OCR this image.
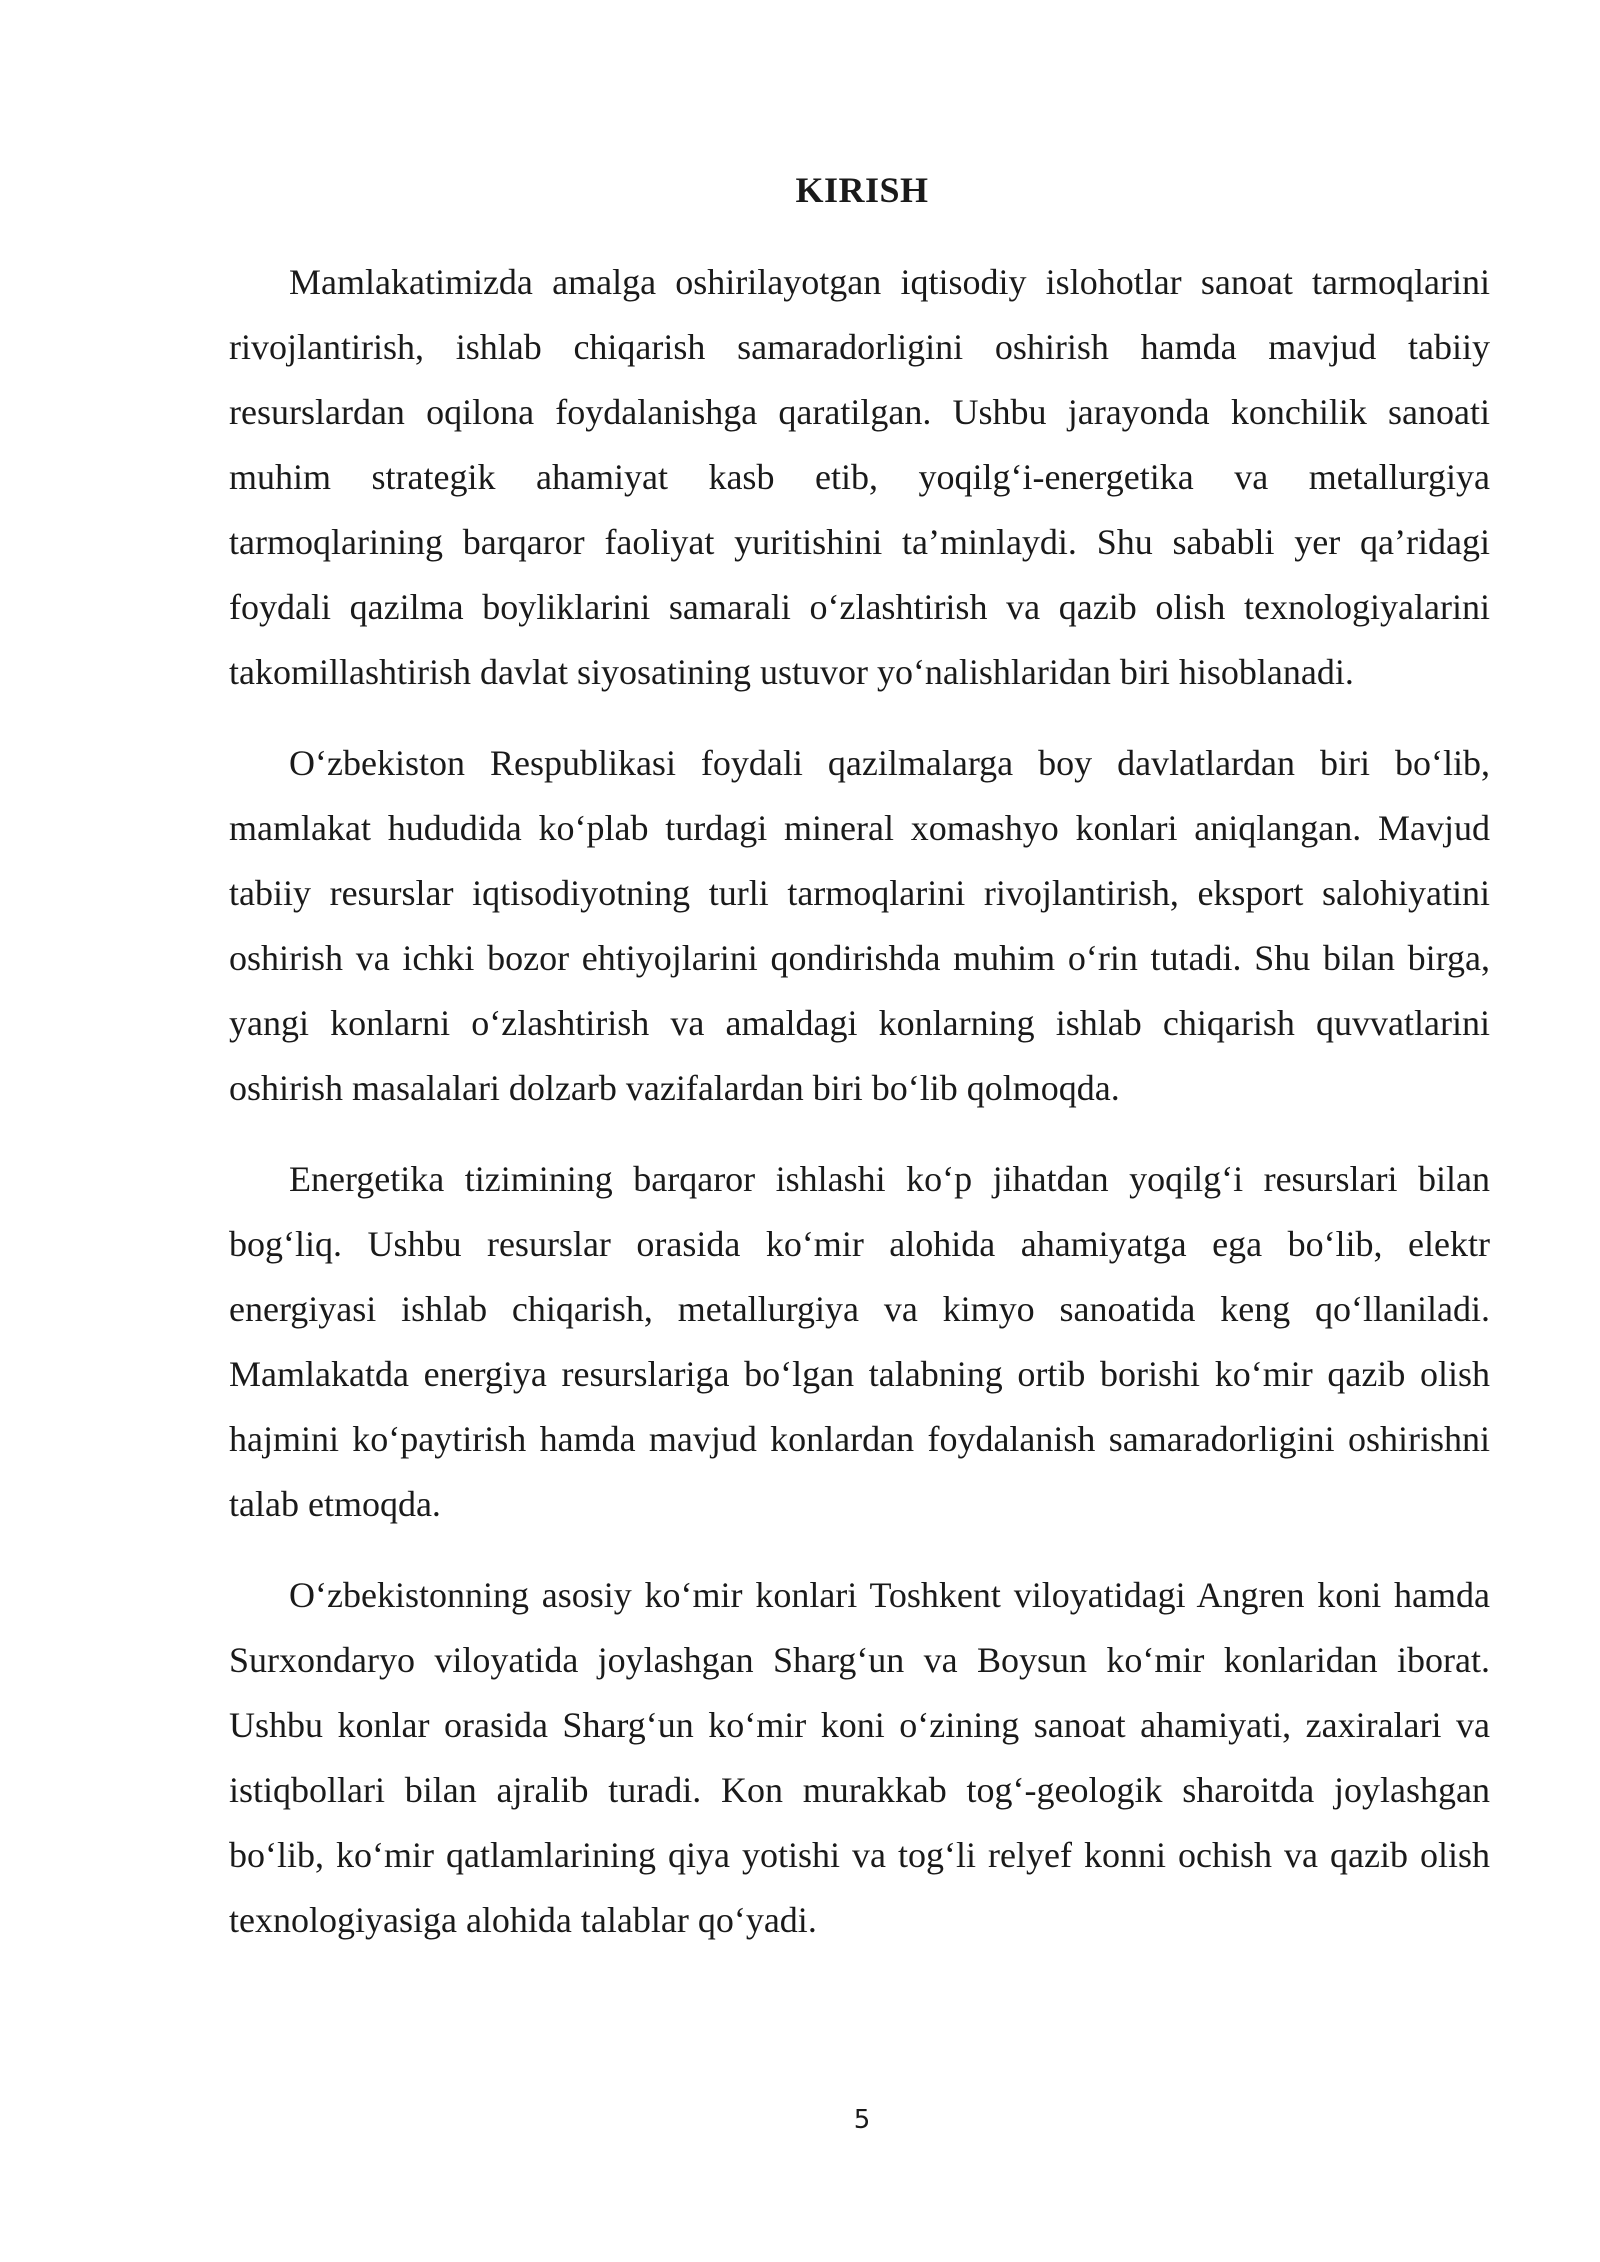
KIRISH

Mamlakatimizda amalga oshirilayotgan iqtisodiy islohotlar sanoat tarmoqlarini rivojlantirish, ishlab chiqarish samaradorligini oshirish hamda mavjud tabiiy resurslardan oqilona foydalanishga qaratilgan. Ushbu jarayonda konchilik sanoati muhim strategik ahamiyat kasb etib, yoqilg‘i-energetika va metallurgiya tarmoqlarining barqaror faoliyat yuritishini ta’minlaydi. Shu sababli yer qa’ridagi foydali qazilma boyliklarini samarali o‘zlashtirish va qazib olish texnologiyalarini takomillashtirish davlat siyosatining ustuvor yo‘nalishlaridan biri hisoblanadi.

O‘zbekiston Respublikasi foydali qazilmalarga boy davlatlardan biri bo‘lib, mamlakat hududida ko‘plab turdagi mineral xomashyo konlari aniqlangan. Mavjud tabiiy resurslar iqtisodiyotning turli tarmoqlarini rivojlantirish, eksport salohiyatini oshirish va ichki bozor ehtiyojlarini qondirishda muhim o‘rin tutadi. Shu bilan birga, yangi konlarni o‘zlashtirish va amaldagi konlarning ishlab chiqarish quvvatlarini oshirish masalalari dolzarb vazifalardan biri bo‘lib qolmoqda.

Energetika tizimining barqaror ishlashi ko‘p jihatdan yoqilg‘i resurslari bilan bog‘liq. Ushbu resurslar orasida ko‘mir alohida ahamiyatga ega bo‘lib, elektr energiyasi ishlab chiqarish, metallurgiya va kimyo sanoatida keng qo‘llaniladi. Mamlakatda energiya resurslariga bo‘lgan talabning ortib borishi ko‘mir qazib olish hajmini ko‘paytirish hamda mavjud konlardan foydalanish samaradorligini oshirishni talab etmoqda.

O‘zbekistonning asosiy ko‘mir konlari Toshkent viloyatidagi Angren koni hamda Surxondaryo viloyatida joylashgan Sharg‘un va Boysun ko‘mir konlaridan iborat. Ushbu konlar orasida Sharg‘un ko‘mir koni o‘zining sanoat ahamiyati, zaxiralari va istiqbollari bilan ajralib turadi. Kon murakkab tog‘-geologik sharoitda joylashgan bo‘lib, ko‘mir qatlamlarining qiya yotishi va tog‘li relyef konni ochish va qazib olish texnologiyasiga alohida talablar qo‘yadi.

5
